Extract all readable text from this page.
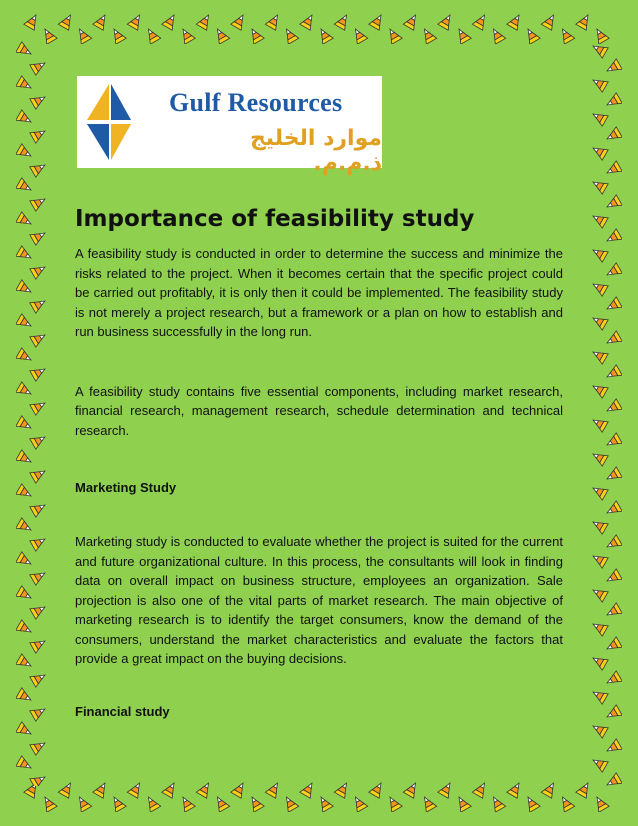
Gulf Resources
موارد الخليج ذ.م.م.
Importance of feasibility study

A feasibility study is conducted in order to determine the success and minimize the risks related to the project. When it becomes certain that the specific project could be carried out profitably, it is only then it could be implemented. The feasibility study is not merely a project research, but a framework or a plan on how to establish and run business successfully in the long run.

A feasibility study contains five essential components, including market research, financial research, management research, schedule determination and technical research.

Marketing Study

Marketing study is conducted to evaluate whether the project is suited for the current and future organizational culture. In this process, the consultants will look in finding data on overall impact on business structure, employees an organization. Sale projection is also one of the vital parts of market research. The main objective of marketing research is to identify the target consumers, know the demand of the consumers, understand the market characteristics and evaluate the factors that provide a great impact on the buying decisions.

Financial study
